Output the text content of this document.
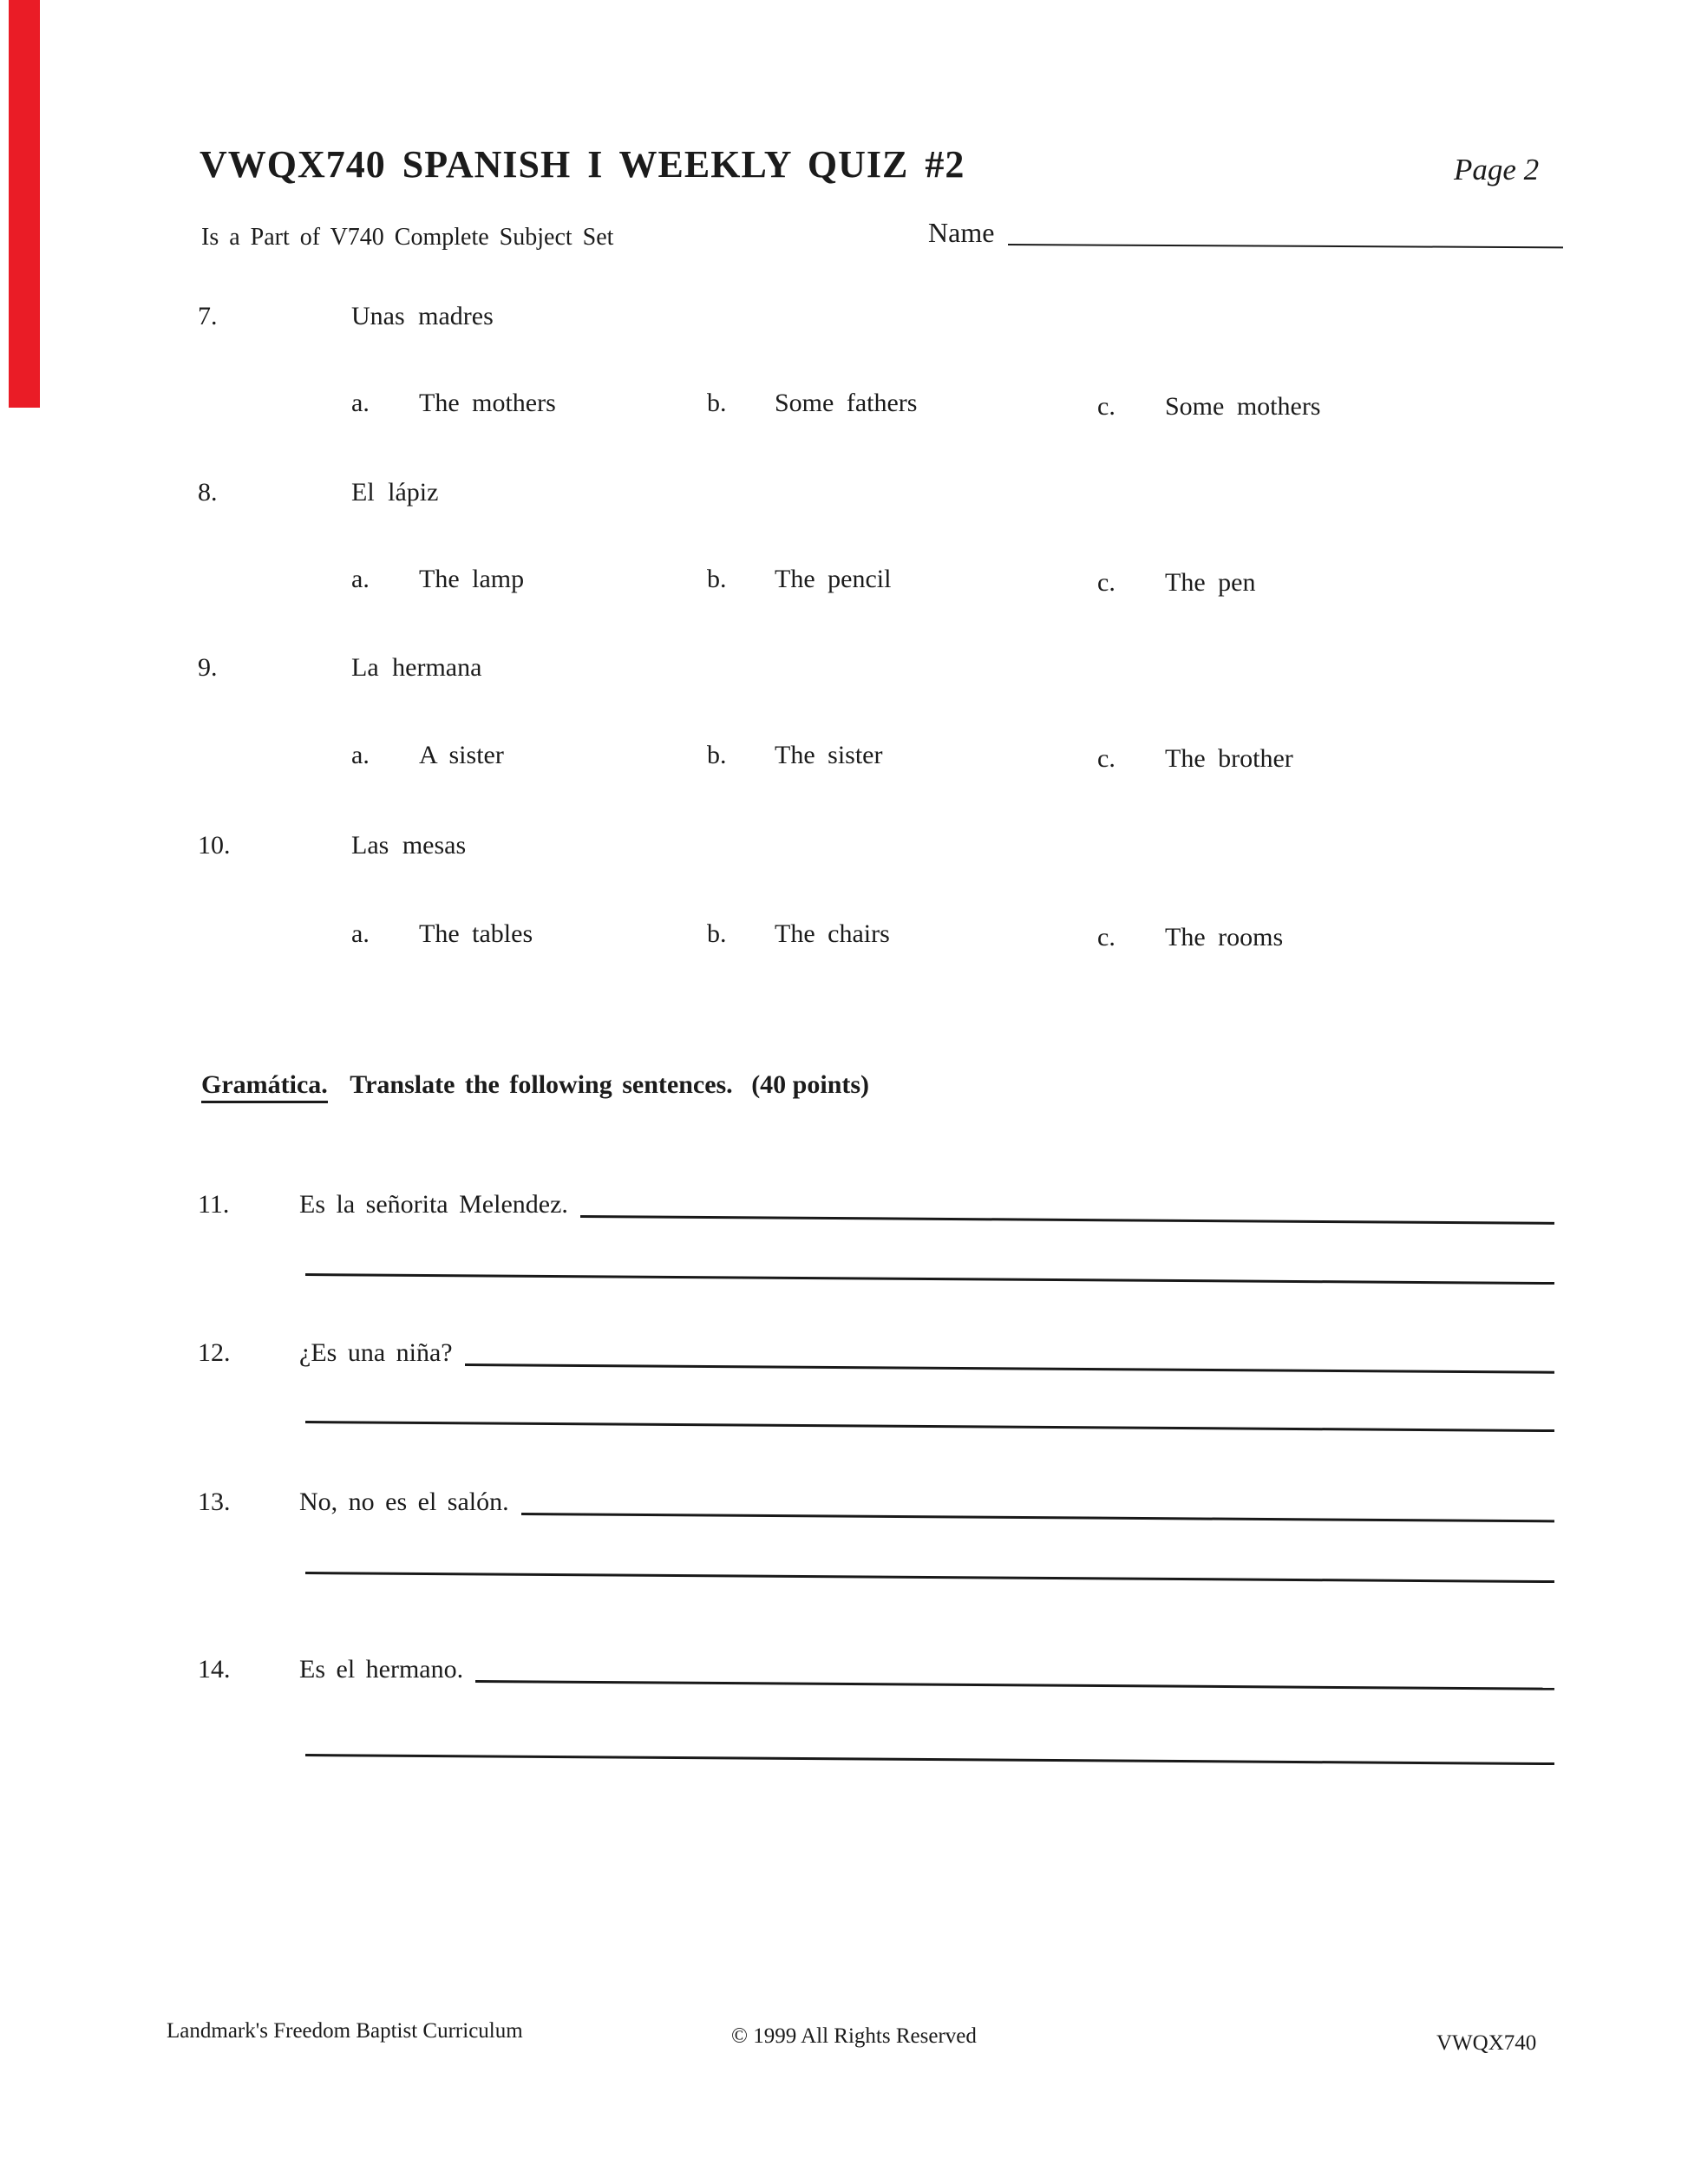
VWQX740 SPANISH I WEEKLY QUIZ #2	Page 2
Is a Part of V740 Complete Subject Set	Name
7.	Unas madres
a.	The mothers	b.	Some fathers	c.	Some mothers
8.	El lápiz
a.	The lamp	b.	The pencil	c.	The pen
9.	La hermana
a.	A sister	b.	The sister	c.	The brother
10.	Las mesas
a.	The tables	b.	The chairs	c.	The rooms
Gramática. Translate the following sentences. (40 points)
11.	Es la señorita Melendez.
12.	¿Es una niña?
13.	No, no es el salón.
14.	Es el hermano.
Landmark's Freedom Baptist Curriculum	© 1999 All Rights Reserved	VWQX740
